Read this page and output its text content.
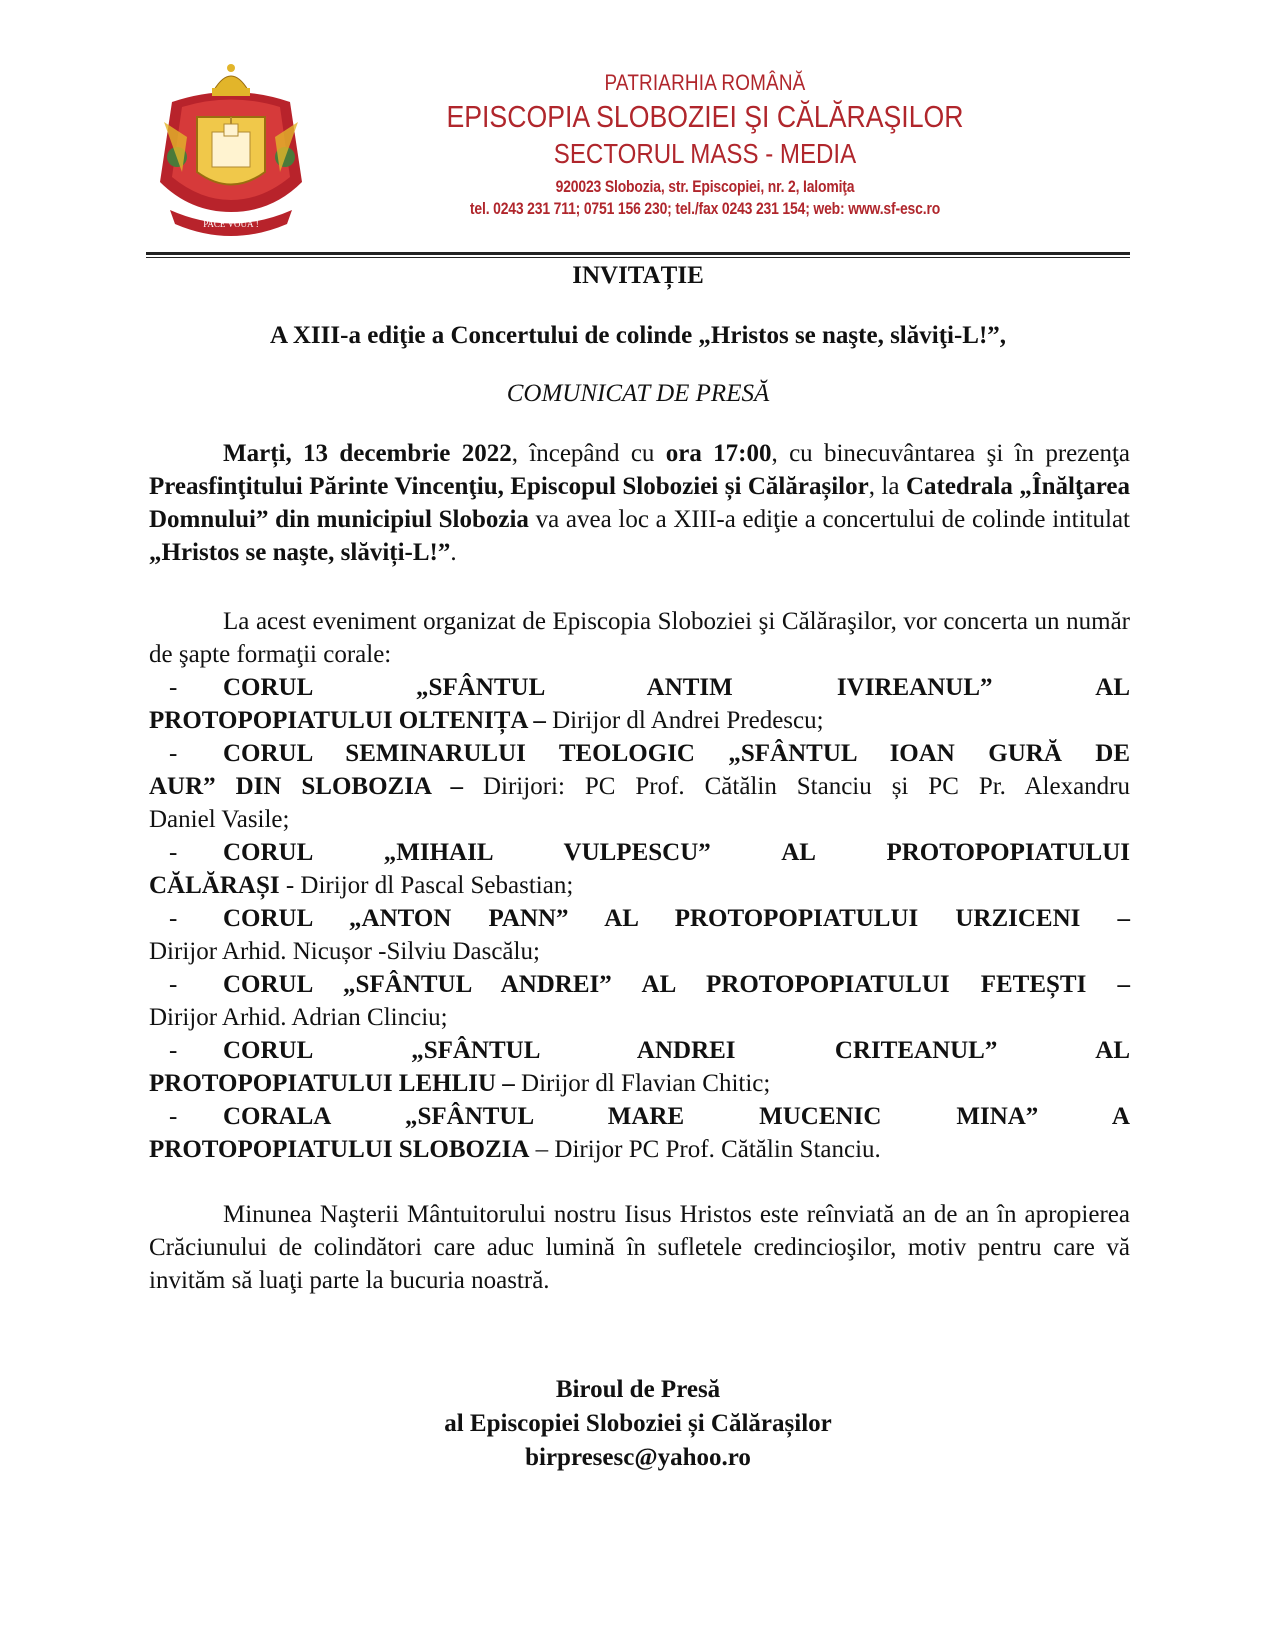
PACE VOUĂ !
PATRIARHIA ROMÂNĂ
EPISCOPIA SLOBOZIEI ŞI CĂLĂRAŞILOR
SECTORUL MASS - MEDIA
920023 Slobozia, str. Episcopiei, nr. 2, Ialomiţa
tel. 0243 231 711; 0751 156 230; tel./fax 0243 231 154; web: www.sf-esc.ro
INVITAȚIE
A XIII-a ediţie a Concertului de colinde „Hristos se naşte, slăviţi-L!”,
COMUNICAT DE PRESĂ
Marți, 13 decembrie 2022, începând cu ora 17:00, cu binecuvântarea şi în prezenţa Preasfinţitului Părinte Vincenţiu, Episcopul Sloboziei și Călărașilor, la Catedrala „Înălţarea Domnului” din municipiul Slobozia va avea loc a XIII-a ediţie a concertului de colinde intitulat „Hristos se naşte, slăviți-L!”.
La acest eveniment organizat de Episcopia Sloboziei şi Călăraşilor, vor concerta un număr de şapte formaţii corale:
- CORUL „SFÂNTUL ANTIM IVIREANUL” AL
PROTOPOPIATULUI OLTENIȚA – Dirijor dl Andrei Predescu;
- CORUL SEMINARULUI TEOLOGIC „SFÂNTUL IOAN GURĂ DE
AUR” DIN SLOBOZIA – Dirijori: PC Prof. Cătălin Stanciu și PC Pr. Alexandru
Daniel Vasile;
- CORUL „MIHAIL VULPESCU” AL PROTOPOPIATULUI
CĂLĂRAȘI - Dirijor dl Pascal Sebastian;
- CORUL „ANTON PANN” AL PROTOPOPIATULUI URZICENI –
Dirijor Arhid. Nicușor -Silviu Dascălu;
- CORUL „SFÂNTUL ANDREI” AL PROTOPOPIATULUI FETEȘTI –
Dirijor Arhid. Adrian Clinciu;
- CORUL „SFÂNTUL ANDREI CRITEANUL” AL
PROTOPOPIATULUI LEHLIU – Dirijor dl Flavian Chitic;
- CORALA „SFÂNTUL MARE MUCENIC MINA” A
PROTOPOPIATULUI SLOBOZIA – Dirijor PC Prof. Cătălin Stanciu.
Minunea Naşterii Mântuitorului nostru Iisus Hristos este reînviată an de an în apropierea Crăciunului de colindători care aduc lumină în sufletele credincioşilor, motiv pentru care vă invităm să luaţi parte la bucuria noastră.
Biroul de Presă
al Episcopiei Sloboziei și Călărașilor
birpresesc@yahoo.ro
